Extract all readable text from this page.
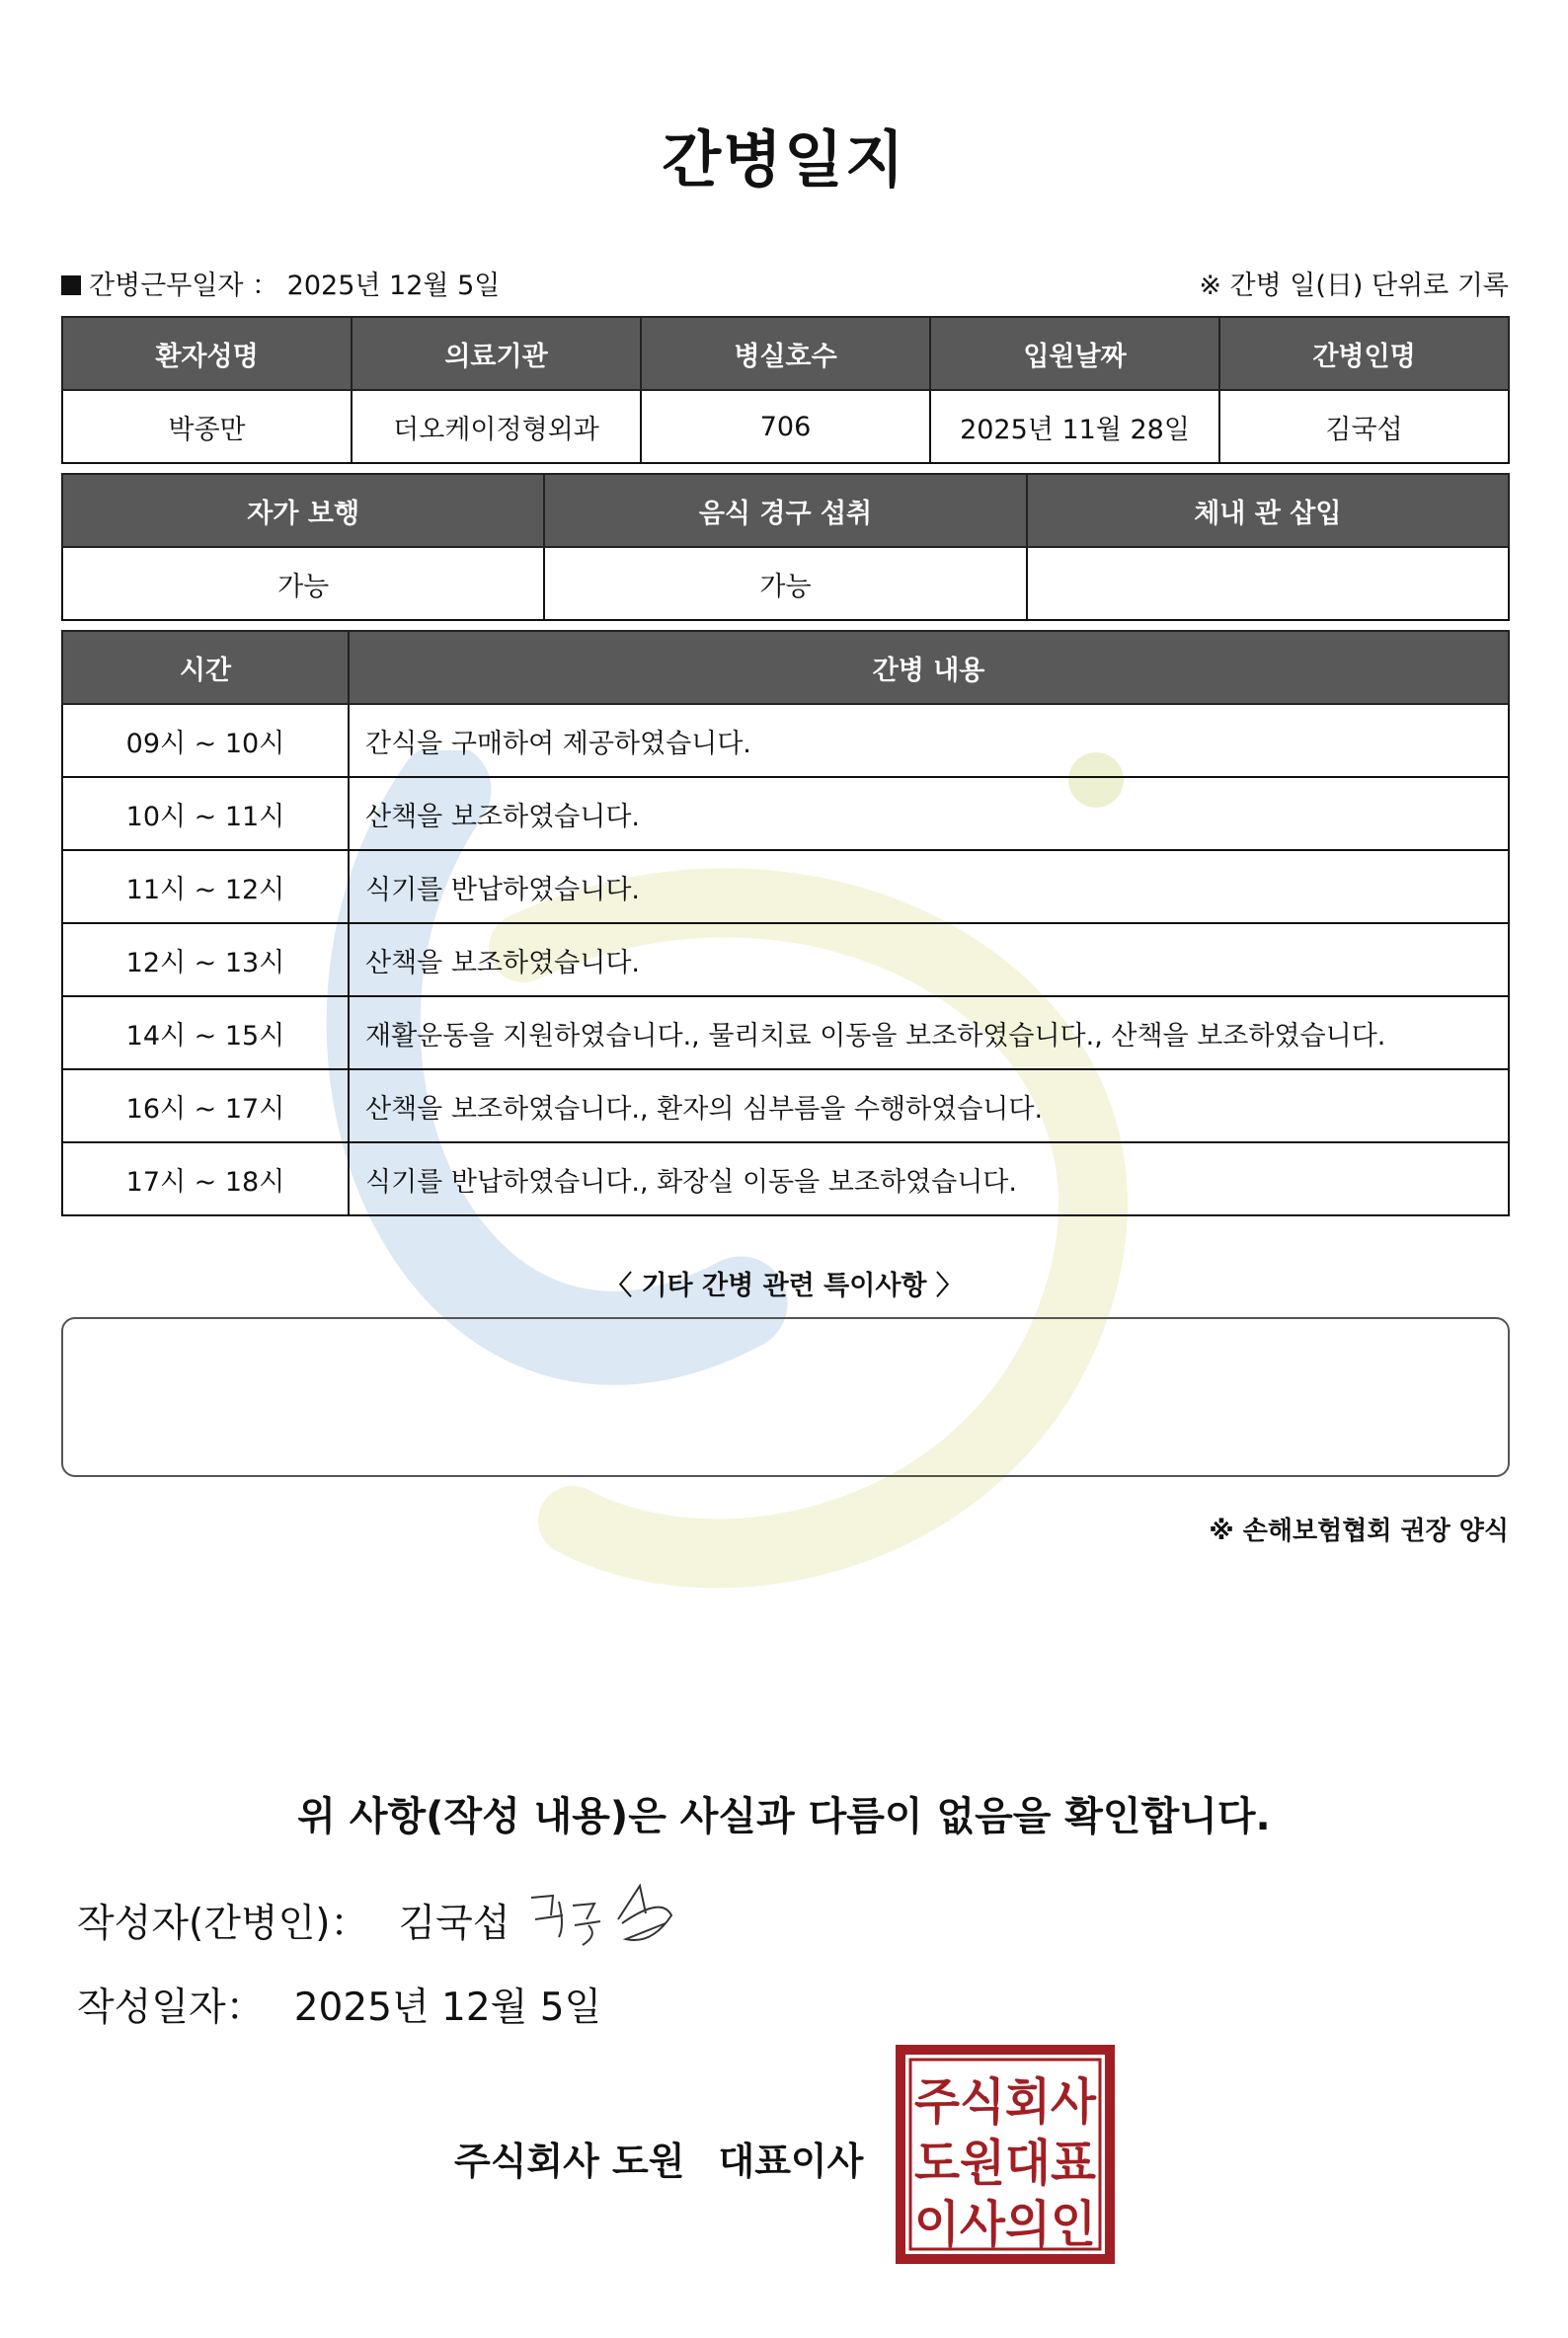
간병일지
간병근무일자 ： 2025년 12월 5일	※ 간병 일(日) 단위로 기록
환자성명	의료기관	병실호수	입원날짜	간병인명
박종만	더오케이정형외과	706	2025년 11월 28일	김국섭
자가 보행	음식 경구 섭취	체내 관 삽입
가능	가능	
시간	간병 내용
09시 ~ 10시	간식을 구매하여 제공하였습니다.
10시 ~ 11시	산책을 보조하였습니다.
11시 ~ 12시	식기를 반납하였습니다.
12시 ~ 13시	산책을 보조하였습니다.
14시 ~ 15시	재활운동을 지원하였습니다., 물리치료 이동을 보조하였습니다., 산책을 보조하였습니다.
16시 ~ 17시	산책을 보조하였습니다., 환자의 심부름을 수행하였습니다.
17시 ~ 18시	식기를 반납하였습니다., 화장실 이동을 보조하였습니다.
〈 기타 간병 관련 특이사항 〉
※ 손해보험협회 권장 양식
위 사항(작성 내용)은 사실과 다름이 없음을 확인합니다.
작성자(간병인)： 김국섭
작성일자： 2025년 12월 5일
주식회사 도원 대표이사
주식회사
도원대표
이사의인
